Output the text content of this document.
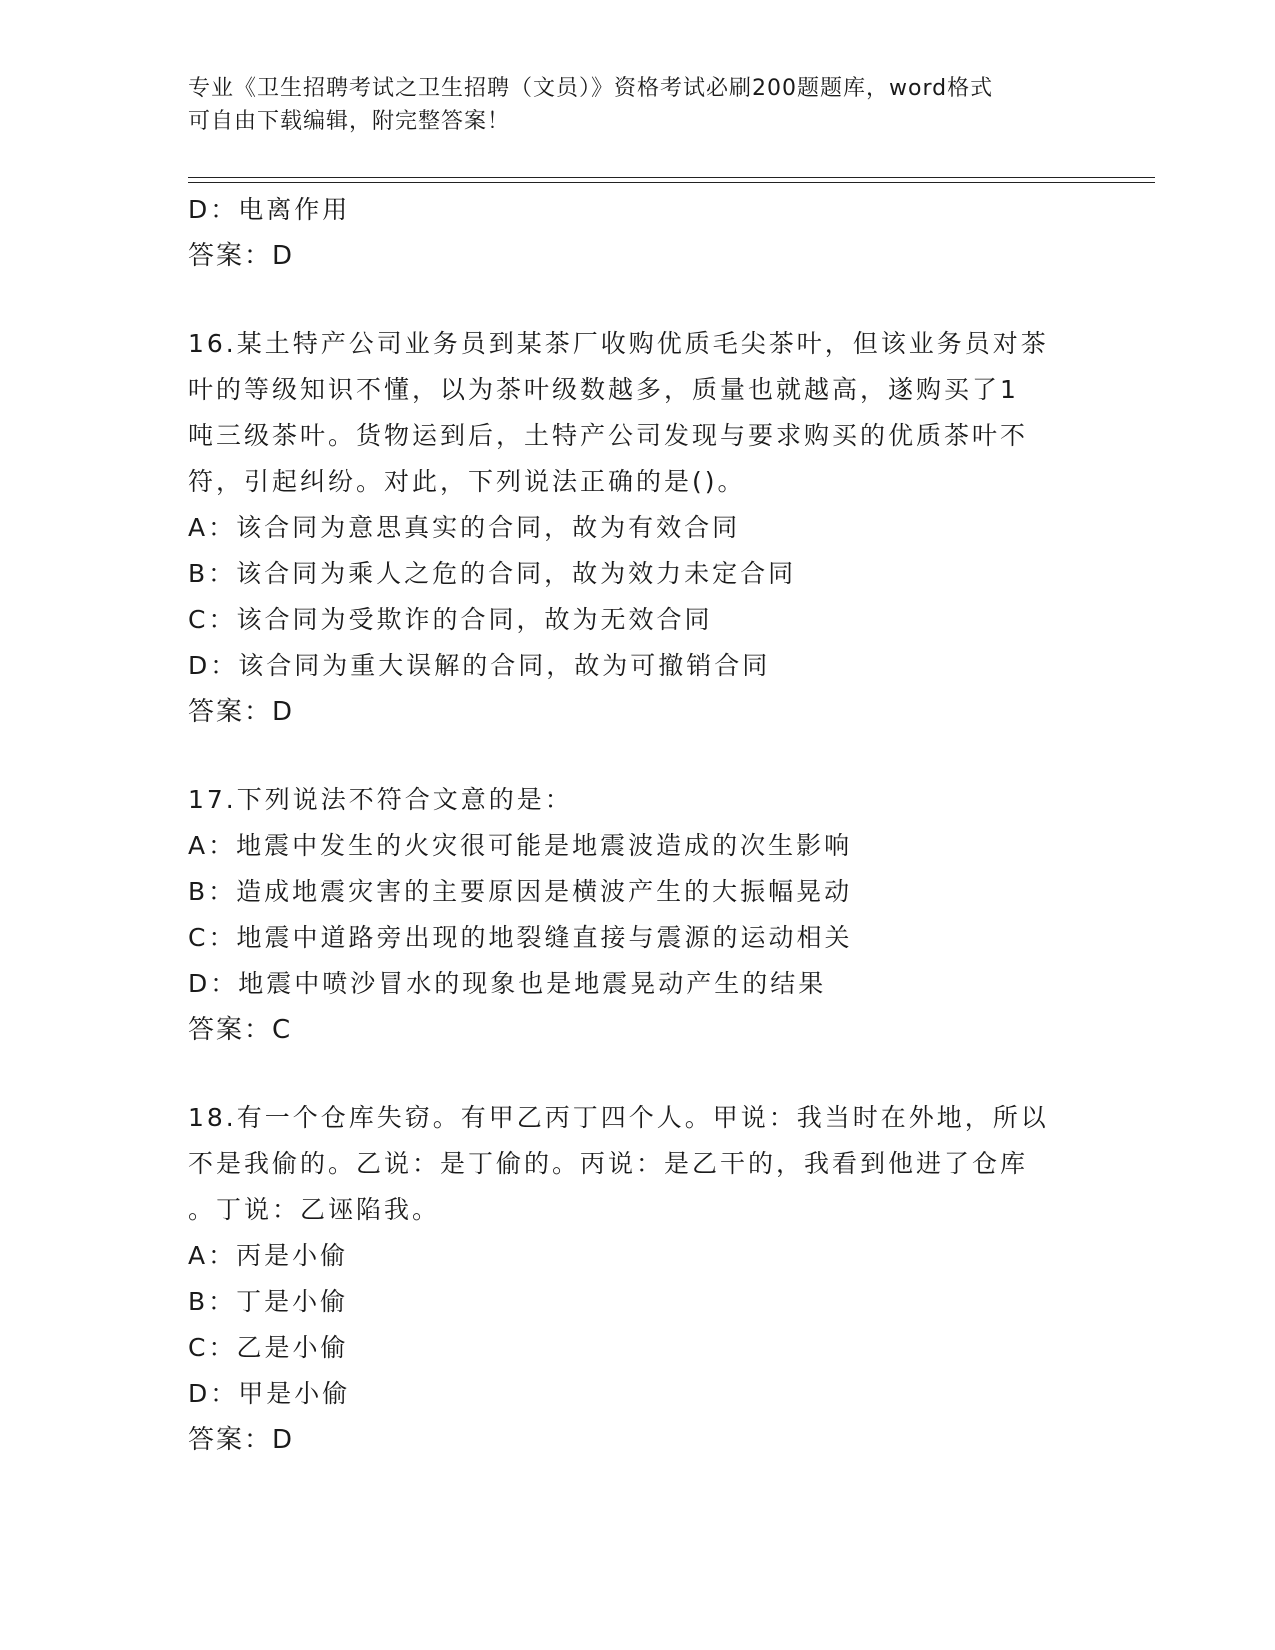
专业《卫生招聘考试之卫生招聘（文员）》资格考试必刷200题题库，word格式
可自由下载编辑，附完整答案！
D：电离作用
答案：D
16.某土特产公司业务员到某茶厂收购优质毛尖茶叶，但该业务员对茶
叶的等级知识不懂，以为茶叶级数越多，质量也就越高，遂购买了1
吨三级茶叶。货物运到后，土特产公司发现与要求购买的优质茶叶不
符，引起纠纷。对此，下列说法正确的是()。
A：该合同为意思真实的合同，故为有效合同
B：该合同为乘人之危的合同，故为效力未定合同
C：该合同为受欺诈的合同，故为无效合同
D：该合同为重大误解的合同，故为可撤销合同
答案：D
17.下列说法不符合文意的是：
A：地震中发生的火灾很可能是地震波造成的次生影响
B：造成地震灾害的主要原因是横波产生的大振幅晃动
C：地震中道路旁出现的地裂缝直接与震源的运动相关
D：地震中喷沙冒水的现象也是地震晃动产生的结果
答案：C
18.有一个仓库失窃。有甲乙丙丁四个人。甲说：我当时在外地，所以
不是我偷的。乙说：是丁偷的。丙说：是乙干的，我看到他进了仓库
。丁说：乙诬陷我。
A：丙是小偷
B：丁是小偷
C：乙是小偷
D：甲是小偷
答案：D
